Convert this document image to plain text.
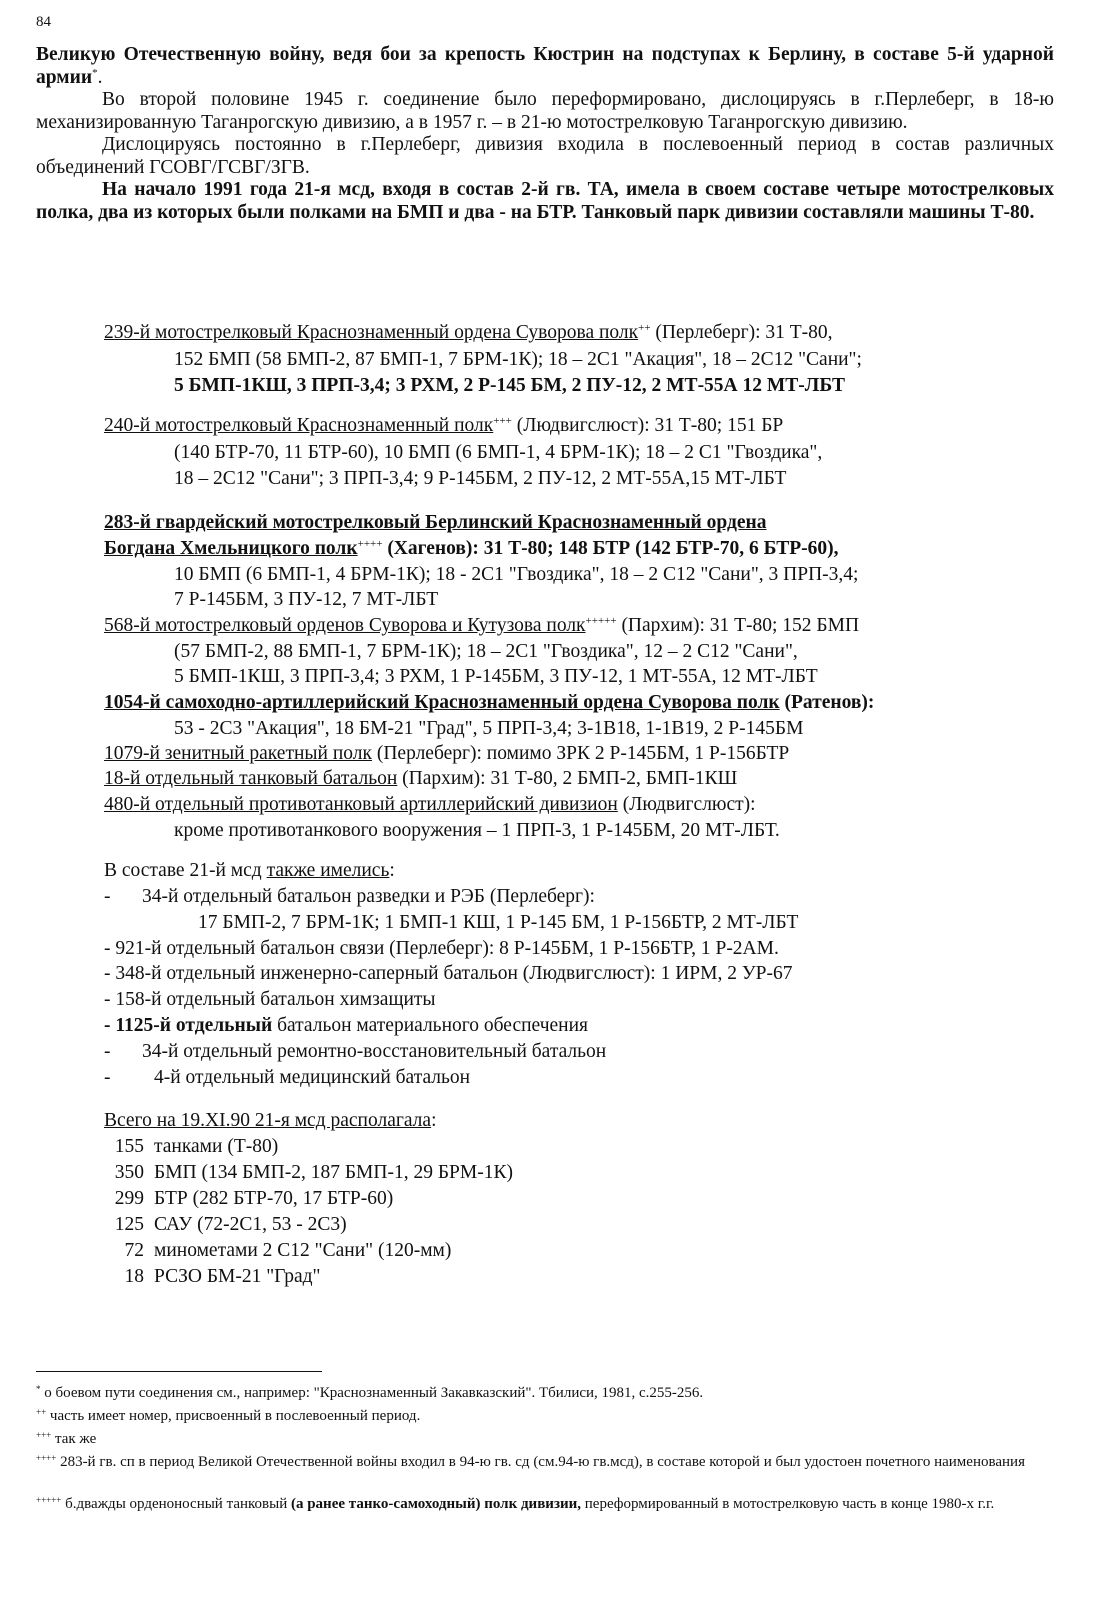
84

Великую Отечественную войну, ведя бои за крепость Кюстрин на подступах к Берлину, в составе 5-й ударной армии*.

Во второй половине 1945 г. соединение было переформировано, дислоцируясь в г.Перлеберг, в 18-ю механизированную Таганрогскую дивизию, а в 1957 г. – в 21-ю мотострелковую Таганрогскую дивизию.

Дислоцируясь постоянно в г.Перлеберг, дивизия входила в послевоенный период в состав различных объединений ГСОВГ/ГСВГ/ЗГВ.

На начало 1991 года 21-я мсд, входя в состав 2-й гв. ТА, имела в своем составе четыре мотострелковых полка, два из которых были полками на БМП и два - на БТР. Танковый парк дивизии составляли машины Т-80.

239-й мотострелковый Краснознаменный ордена Суворова полк++ (Перлеберг): 31 Т-80,
152 БМП (58 БМП-2, 87 БМП-1, 7 БРМ-1К); 18 – 2С1 "Акация", 18 – 2С12 "Сани";
5 БМП-1КШ, 3 ПРП-3,4; 3 РХМ, 2 Р-145 БМ, 2 ПУ-12, 2 МТ-55А 12 МТ-ЛБТ
240-й мотострелковый Краснознаменный полк+++ (Людвигслюст): 31 Т-80; 151 БР
(140 БТР-70, 11 БТР-60), 10 БМП (6 БМП-1, 4 БРМ-1К); 18 – 2 С1 "Гвоздика",
18 – 2С12 "Сани"; 3 ПРП-3,4; 9 Р-145БМ, 2 ПУ-12, 2 МТ-55А,15 МТ-ЛБТ
283-й гвардейский мотострелковый Берлинский Краснознаменный ордена
Богдана Хмельницкого полк++++ (Хагенов): 31 Т-80; 148 БТР (142 БТР-70, 6 БТР-60),
10 БМП (6 БМП-1, 4 БРМ-1К); 18 - 2С1 "Гвоздика", 18 – 2 С12 "Сани", 3 ПРП-3,4;
7 Р-145БМ, 3 ПУ-12, 7 МТ-ЛБТ
568-й мотострелковый орденов Суворова и Кутузова полк+++++ (Пархим): 31 Т-80; 152 БМП
(57 БМП-2, 88 БМП-1, 7 БРМ-1К); 18 – 2С1 "Гвоздика", 12 – 2 С12 "Сани",
5 БМП-1КШ, 3 ПРП-3,4; 3 РХМ, 1 Р-145БМ, 3 ПУ-12, 1 МТ-55А, 12 МТ-ЛБТ
1054-й самоходно-артиллерийский Краснознаменный ордена Суворова полк (Ратенов):
53 - 2С3 "Акация", 18 БМ-21 "Град", 5 ПРП-3,4; 3-1В18, 1-1В19, 2 Р-145БМ
1079-й зенитный ракетный полк (Перлеберг): помимо ЗРК 2 Р-145БМ, 1 Р-156БТР
18-й отдельный танковый батальон (Пархим): 31 Т-80, 2 БМП-2, БМП-1КШ
480-й отдельный противотанковый артиллерийский дивизион (Людвигслюст):
кроме противотанкового вооружения – 1 ПРП-3, 1 Р-145БМ, 20 МТ-ЛБТ.
В составе 21-й мсд также имелись:
- 34-й отдельный батальон разведки и РЭБ (Перлеберг):
17 БМП-2, 7 БРМ-1К; 1 БМП-1 КШ, 1 Р-145 БМ, 1 Р-156БТР, 2 МТ-ЛБТ
- 921-й отдельный батальон связи (Перлеберг): 8 Р-145БМ, 1 Р-156БТР, 1 Р-2АМ.
- 348-й отдельный инженерно-саперный батальон (Людвигслюст): 1 ИРМ, 2 УР-67
- 158-й отдельный батальон химзащиты
- 1125-й отдельный батальон материального обеспечения
- 34-й отдельный ремонтно-восстановительный батальон
- 4-й отдельный медицинский батальон
Всего на 19.XI.90 21-я мсд располагала:
155 танками (Т-80)
350 БМП (134 БМП-2, 187 БМП-1, 29 БРМ-1К)
299 БТР (282 БТР-70, 17 БТР-60)
125 САУ (72-2С1, 53 - 2С3)
72 минометами 2 С12 "Сани" (120-мм)
18 РСЗО БМ-21 "Град"
* о боевом пути соединения см., например: "Краснознаменный Закавказский". Тбилиси, 1981, с.255-256.
++ часть имеет номер, присвоенный в послевоенный период.
+++ так же
++++ 283-й гв. сп в период Великой Отечественной войны входил в 94-ю гв. сд (см.94-ю гв.мсд), в составе которой и был удостоен почетного наименования
+++++ б.дважды орденоносный танковый (а ранее танко-самоходный) полк дивизии, переформированный в мотострелковую часть в конце 1980-х г.г.
